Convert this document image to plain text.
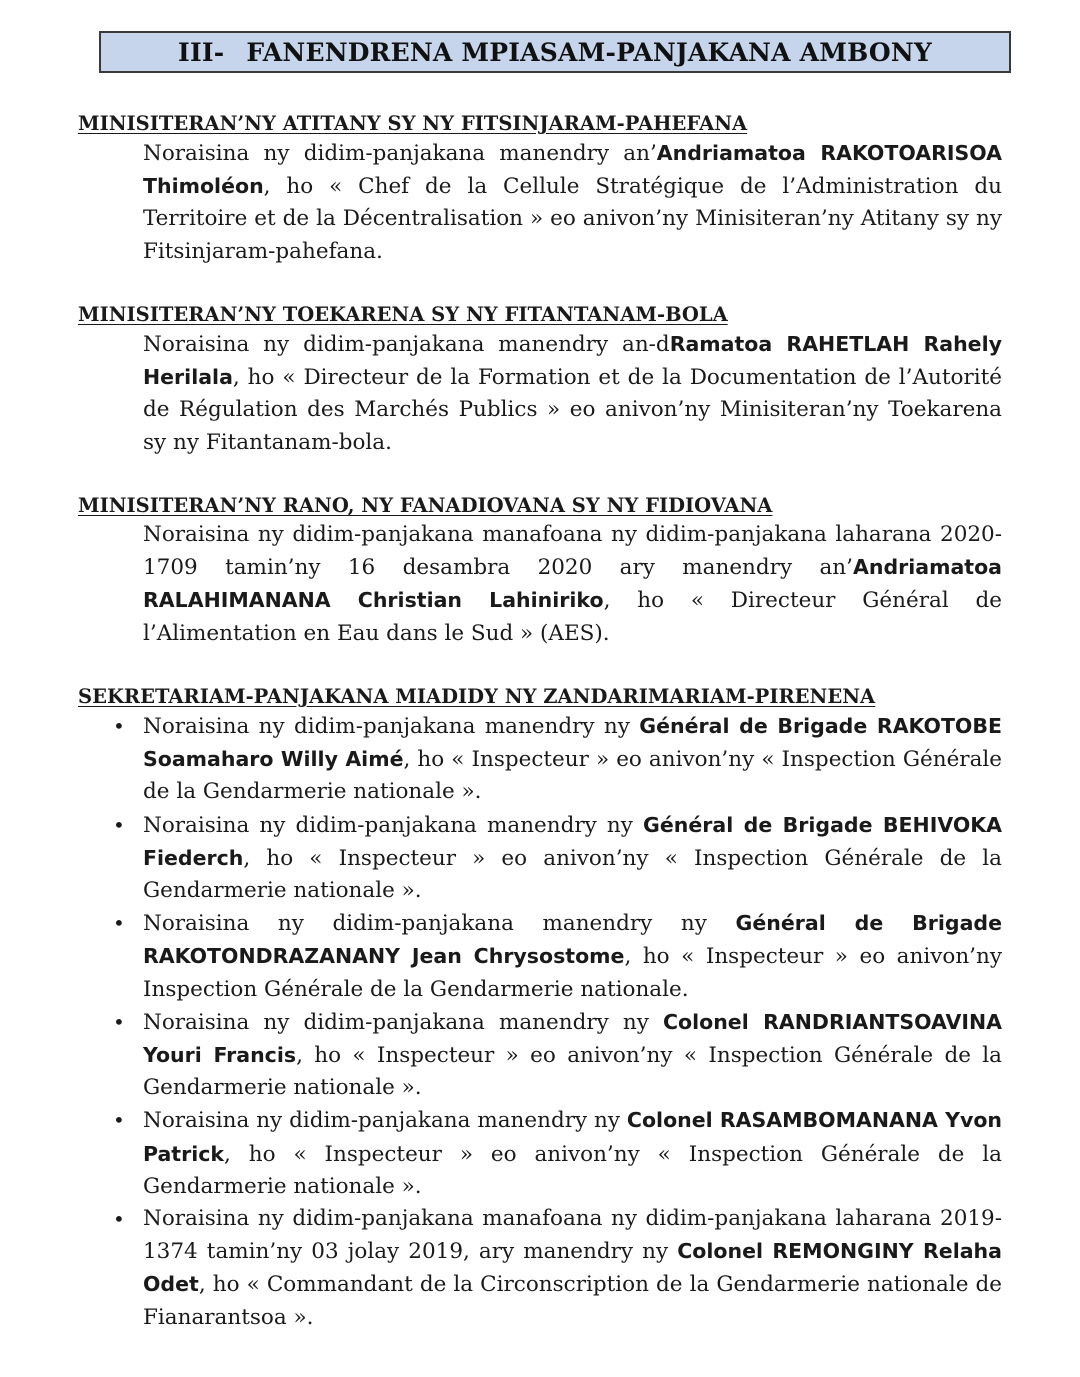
III- FANENDRENA MPIASAM-PANJAKANA AMBONY
MINISITERAN’NY ATITANY SY NY FITSINJARAM-PAHEFANA
Noraisina ny didim-panjakana manendry an’Andriamatoa RAKOTOARISOA Thimoléon, ho « Chef de la Cellule Stratégique de l’Administration du Territoire et de la Décentralisation » eo anivon’ny Minisiteran’ny Atitany sy ny Fitsinjaram-pahefana.
MINISITERAN’NY TOEKARENA SY NY FITANTANAM-BOLA
Noraisina ny didim-panjakana manendry an-dRamatoa RAHETLAH Rahely Herilala, ho « Directeur de la Formation et de la Documentation de l’Autorité de Régulation des Marchés Publics » eo anivon’ny Minisiteran’ny Toekarena sy ny Fitantanam-bola.
MINISITERAN’NY RANO, NY FANADIOVANA SY NY FIDIOVANA
Noraisina ny didim-panjakana manafoana ny didim-panjakana laharana 2020-1709 tamin’ny 16 desambra 2020 ary manendry an’Andriamatoa RALAHIMANANA Christian Lahiniriko, ho « Directeur Général de l’Alimentation en Eau dans le Sud » (AES).
SEKRETARIAM-PANJAKANA MIADIDY NY ZANDARIMARIAM-PIRENENA
• Noraisina ny didim-panjakana manendry ny Général de Brigade RAKOTOBE Soamaharo Willy Aimé, ho « Inspecteur » eo anivon’ny « Inspection Générale de la Gendarmerie nationale ».
• Noraisina ny didim-panjakana manendry ny Général de Brigade BEHIVOKA Fiederch, ho « Inspecteur » eo anivon’ny « Inspection Générale de la Gendarmerie nationale ».
• Noraisina ny didim-panjakana manendry ny Général de Brigade RAKOTONDRAZANANY Jean Chrysostome, ho « Inspecteur » eo anivon’ny Inspection Générale de la Gendarmerie nationale.
• Noraisina ny didim-panjakana manendry ny Colonel RANDRIANTSOAVINA Youri Francis, ho « Inspecteur » eo anivon’ny « Inspection Générale de la Gendarmerie nationale ».
• Noraisina ny didim-panjakana manendry ny Colonel RASAMBOMANANA Yvon Patrick, ho « Inspecteur » eo anivon’ny « Inspection Générale de la Gendarmerie nationale ».
• Noraisina ny didim-panjakana manafoana ny didim-panjakana laharana 2019-1374 tamin’ny 03 jolay 2019, ary manendry ny Colonel REMONGINY Relaha Odet, ho « Commandant de la Circonscription de la Gendarmerie nationale de Fianarantsoa ».
